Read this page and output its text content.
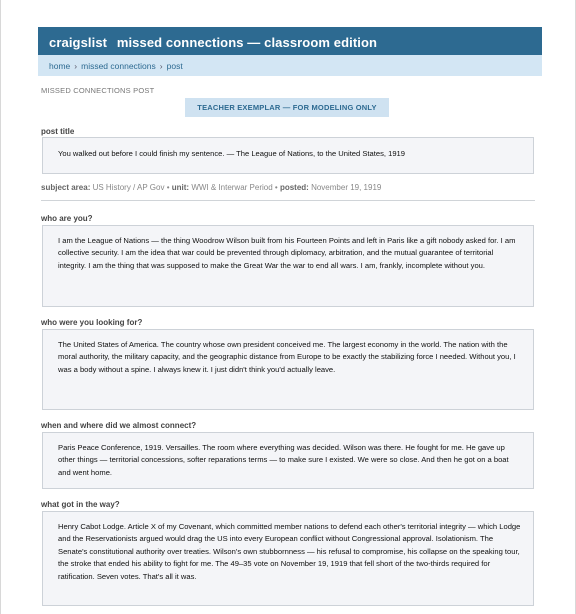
craigslist missed connections — classroom edition
home › missed connections › post
MISSED CONNECTIONS POST
TEACHER EXEMPLAR — FOR MODELING ONLY
post title
You walked out before I could finish my sentence. — The League of Nations, to the United States, 1919
subject area: US History / AP Gov • unit: WWI & Interwar Period • posted: November 19, 1919
who are you?
I am the League of Nations — the thing Woodrow Wilson built from his Fourteen Points and left in Paris like a gift nobody asked for. I am collective security. I am the idea that war could be prevented through diplomacy, arbitration, and the mutual guarantee of territorial integrity. I am the thing that was supposed to make the Great War the war to end all wars. I am, frankly, incomplete without you.
who were you looking for?
The United States of America. The country whose own president conceived me. The largest economy in the world. The nation with the moral authority, the military capacity, and the geographic distance from Europe to be exactly the stabilizing force I needed. Without you, I was a body without a spine. I always knew it. I just didn't think you'd actually leave.
when and where did we almost connect?
Paris Peace Conference, 1919. Versailles. The room where everything was decided. Wilson was there. He fought for me. He gave up other things — territorial concessions, softer reparations terms — to make sure I existed. We were so close. And then he got on a boat and went home.
what got in the way?
Henry Cabot Lodge. Article X of my Covenant, which committed member nations to defend each other's territorial integrity — which Lodge and the Reservationists argued would drag the US into every European conflict without Congressional approval. Isolationism. The Senate's constitutional authority over treaties. Wilson's own stubbornness — his refusal to compromise, his collapse on the speaking tour, the stroke that ended his ability to fight for me. The 49–35 vote on November 19, 1919 that fell short of the two-thirds required for ratification. Seven votes. That's all it was.
